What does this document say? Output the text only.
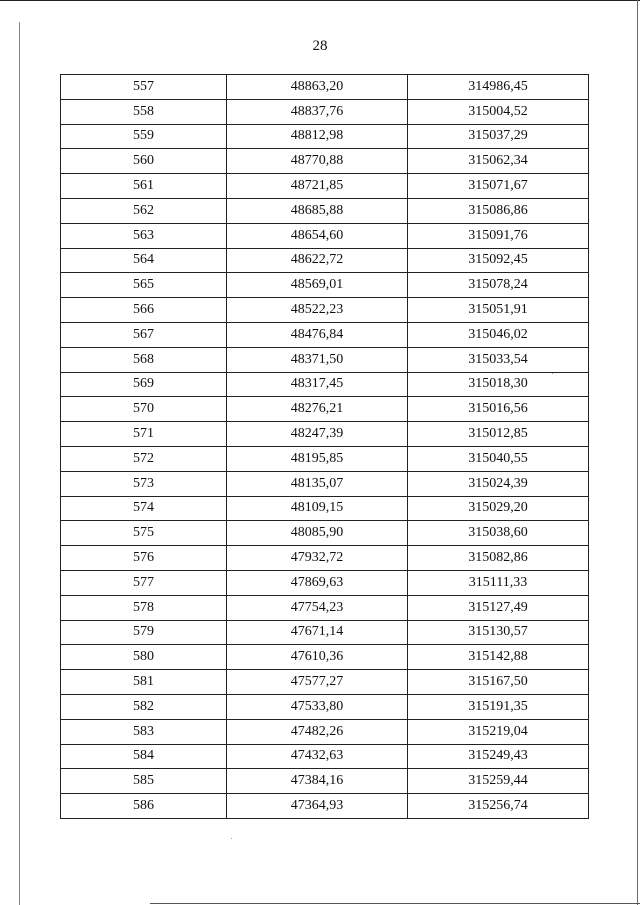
28
557	48863,20	314986,45
558	48837,76	315004,52
559	48812,98	315037,29
560	48770,88	315062,34
561	48721,85	315071,67
562	48685,88	315086,86
563	48654,60	315091,76
564	48622,72	315092,45
565	48569,01	315078,24
566	48522,23	315051,91
567	48476,84	315046,02
568	48371,50	315033,54
569	48317,45	315018,30
570	48276,21	315016,56
571	48247,39	315012,85
572	48195,85	315040,55
573	48135,07	315024,39
574	48109,15	315029,20
575	48085,90	315038,60
576	47932,72	315082,86
577	47869,63	315111,33
578	47754,23	315127,49
579	47671,14	315130,57
580	47610,36	315142,88
581	47577,27	315167,50
582	47533,80	315191,35
583	47482,26	315219,04
584	47432,63	315249,43
585	47384,16	315259,44
586	47364,93	315256,74
